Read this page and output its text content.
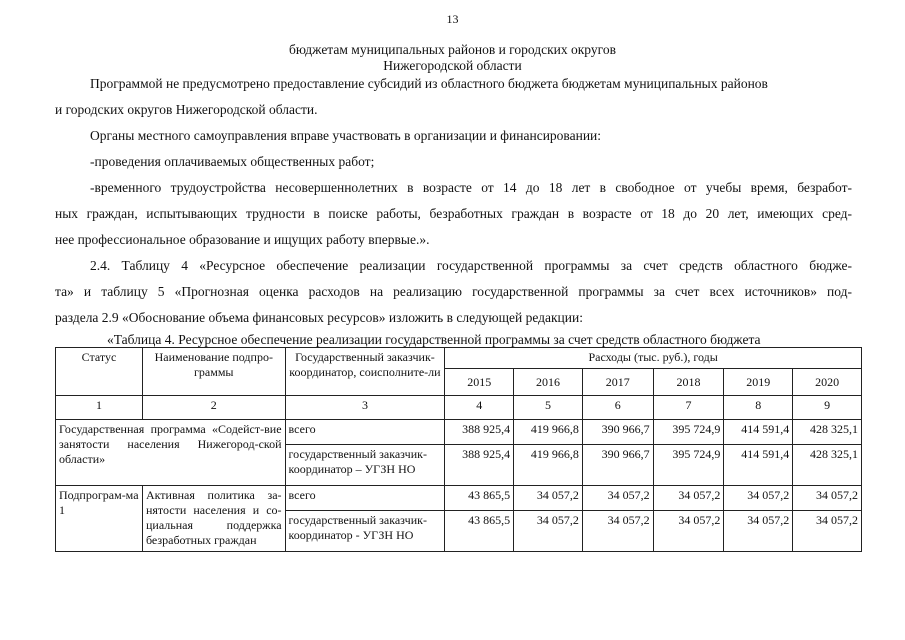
13
бюджетам муниципальных районов и городских округов
Нижегородской области
Программой не предусмотрено предоставление субсидий из областного бюджета бюджетам муниципальных районов
и городских округов Нижегородской области.
Органы местного самоуправления вправе участвовать в организации и финансировании:
-проведения оплачиваемых общественных работ;
-временного трудоустройства несовершеннолетних в возрасте от 14 до 18 лет в свободное от учебы время, безработ-
ных граждан, испытывающих трудности в поиске работы, безработных граждан в возрасте от 18 до 20 лет, имеющих сред-
нее профессиональное образование и ищущих работу впервые.».
2.4. Таблицу 4 «Ресурсное обеспечение реализации государственной программы за счет средств областного бюдже-
та» и таблицу 5 «Прогнозная оценка расходов на реализацию государственной программы за счет всех источников» под-
раздела 2.9 «Обоснование объема финансовых ресурсов» изложить в следующей редакции:
«Таблица 4. Ресурсное обеспечение реализации государственной программы за счет средств областного бюджета
Статус	Наименование подпро-граммы	Государственный заказчик-координатор, соисполните-ли	Расходы (тыс. руб.), годы					
			2015	2016	2017	2018	2019	2020
1	2	3	4	5	6	7	8	9
Государственная программа «Содейст-вие занятости населения Нижегород-ской области»		всего	388 925,4	419 966,8	390 966,7	395 724,9	414 591,4	428 325,1
		государственный заказчик-координатор – УГЗН НО	388 925,4	419 966,8	390 966,7	395 724,9	414 591,4	428 325,1
Подпрограм-ма 1	Активная политика за-нятости населения и со-циальная поддержка безработных граждан	всего	43 865,5	34 057,2	34 057,2	34 057,2	34 057,2	34 057,2
		государственный заказчик-координатор - УГЗН НО	43 865,5	34 057,2	34 057,2	34 057,2	34 057,2	34 057,2
